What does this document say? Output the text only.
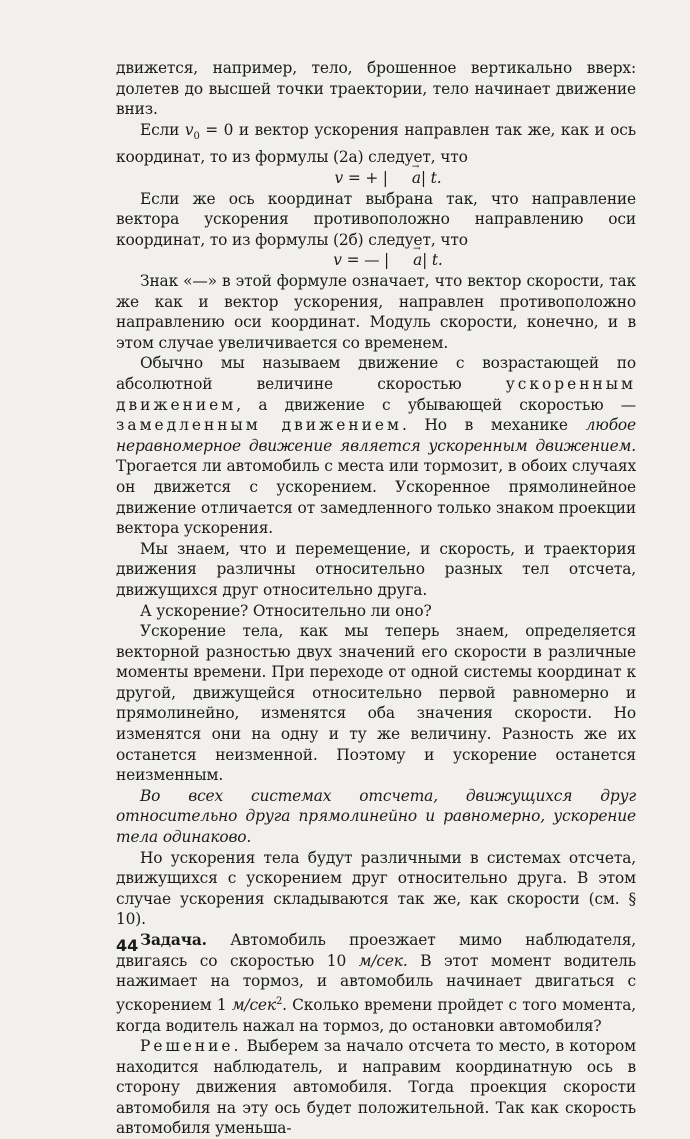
движется, например, тело, брошенное вертикально вверх: долетев до высшей точки траектории, тело начинает движение вниз.

Если $v_0 = 0$ и вектор ускорения направлен так же, как и ось координат, то из формулы (2а) следует, что

v = + | → a| t.

Если же ось координат выбрана так, что направление вектора ускорения противоположно направлению оси координат, то из формулы (2б) следует, что

v = — | → a| t.

Знак «—» в этой формуле означает, что вектор скорости, так же как и вектор ускорения, направлен противоположно направлению оси координат. Модуль скорости, конечно, и в этом случае увеличивается со временем.

Обычно мы называем движение с возрастающей по абсолютной величине скоростью ускоренным движением, а движение с убывающей скоростью — замедленным движением. Но в механике любое неравномерное движение является ускоренным движением. Трогается ли автомобиль с места или тормозит, в обоих случаях он движется с ускорением. Ускоренное прямолинейное движение отличается от замедленного только знаком проекции вектора ускорения.

Мы знаем, что и перемещение, и скорость, и траектория движения различны относительно разных тел отсчета, движущихся друг относительно друга.

А ускорение? Относительно ли оно?

Ускорение тела, как мы теперь знаем, определяется векторной разностью двух значений его скорости в различные моменты времени. При переходе от одной системы координат к другой, движущейся относительно первой равномерно и прямолинейно, изменятся оба значения скорости. Но изменятся они на одну и ту же величину. Разность же их останется неизменной. Поэтому и ускорение останется неизменным.

Во всех системах отсчета, движущихся друг относительно друга прямолинейно и равномерно, ускорение тела одинаково.

Но ускорения тела будут различными в системах отсчета, движущихся с ускорением друг относительно друга. В этом случае ускорения складываются так же, как скорости (см. § 10).

Задача. Автомобиль проезжает мимо наблюдателя, двигаясь со скоростью 10 м/сек. В этот момент водитель нажимает на тормоз, и автомобиль начинает двигаться с ускорением 1 м/сек$^2$. Сколько времени пройдет с того момента, когда водитель нажал на тормоз, до остановки автомобиля?

Решение. Выберем за начало отсчета то место, в котором находится наблюдатель, и направим координатную ось в сторону движения автомобиля. Тогда проекция скорости автомобиля на эту ось будет положительной. Так как скорость автомобиля уменьша-

44
